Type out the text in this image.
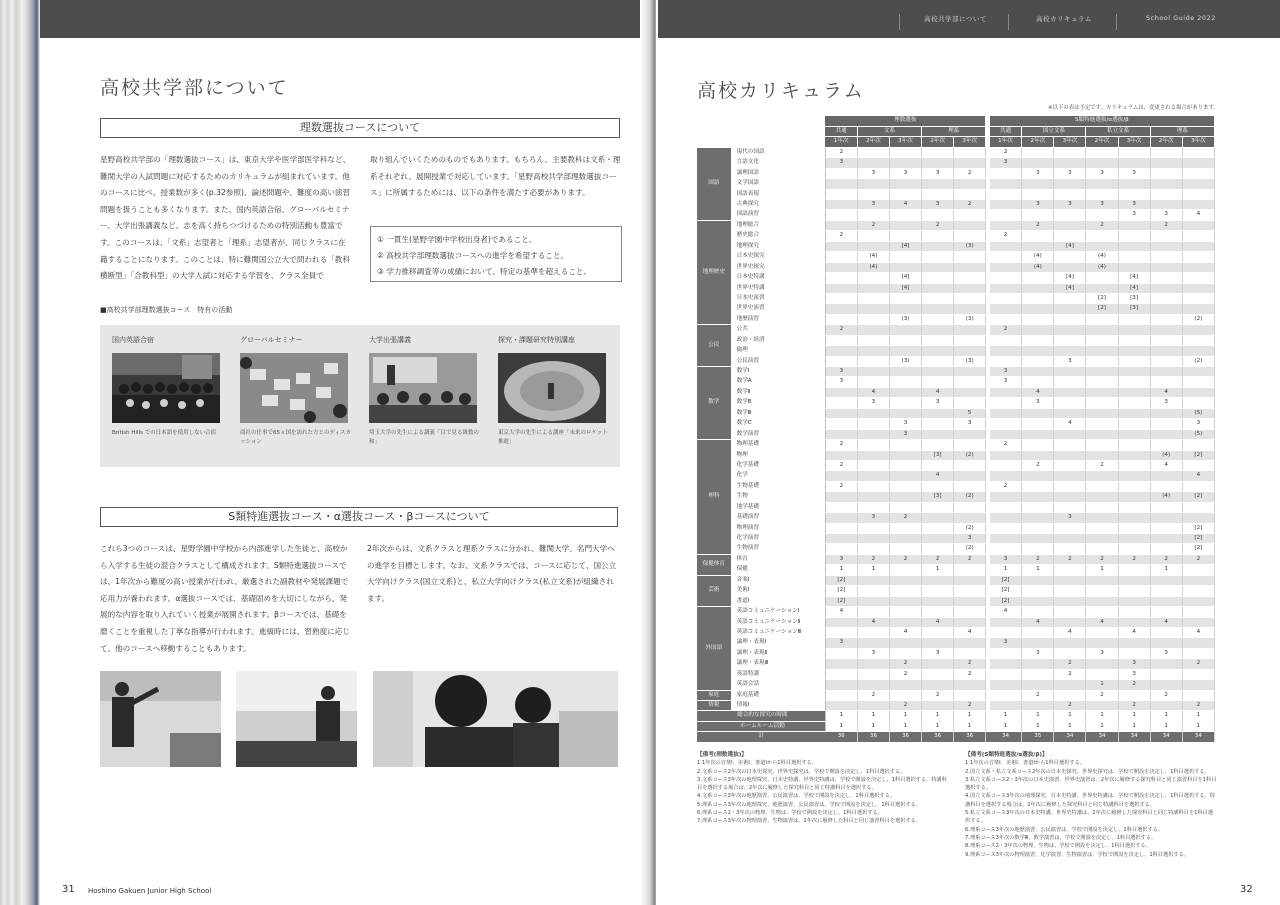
高校共学部について
理数選抜コースについて

星野高校共学部の「理数選抜コース」は、東京大学や医学部医学科など、難関大学の入試問題に対応するためのカリキュラムが組まれています。他のコースに比べ、授業数が多く(p.32参照)、論述問題や、難度の高い演習問題を扱うことも多くなります。また、国内英語合宿、グローバルセミナー、大学出張講義など、志を高く持ちつづけるための特別活動も豊富です。このコースは、「文系」志望者と「理系」志望者が、同じクラスに在籍することになります。このことは、特に難関国公立大で問われる「教科横断型」「合教科型」の大学入試に対応する学習を、クラス全員で

取り組んでいくためのものでもあります。もちろん、主要教科は文系・理系それぞれ、展開授業で対応しています。「星野高校共学部理数選抜コース」に所属するためには、以下の条件を満たす必要があります。

① 一貫生(星野学園中学校出身者)であること。
② 高校共学部理数選抜コースへの進学を希望すること。
③ 学力推移調査等の成績において、特定の基準を超えること。
■高校共学部理数選抜コース　特有の活動
国内英語合宿
British Hills での日本語を使用しない合宿
グローバルセミナー
商社の仕事で65ヵ国を訪れた方とのディスカッション
大学出張講義
埼玉大学の先生による講義「目で見る級数の和」
探究・課題研究特別講座
東京大学の先生による講座「未来のロケット推進」
S類特進選抜コース・α選抜コース・βコースについて

これら3つのコースは、星野学園中学校から内部進学した生徒と、高校から入学する生徒の混合クラスとして構成されます。S類特進選抜コースでは、1年次から難度の高い授業が行われ、厳選された副教材や発展課題で応用力が養われます。α選抜コースでは、基礎固めを大切にしながら、発展的な内容を取り入れていく授業が展開されます。βコースでは、基礎を磨くことを重視した丁寧な指導が行われます。進級時には、習熟度に応じて、他のコースへ移動することもあります。

2年次からは、文系クラスと理系クラスに分かれ、難関大学、名門大学への進学を目標とします。なお、文系クラスでは、コースに応じて、国公立大学向けクラス(国立文系)と、私立大学向けクラス(私立文系)が組織されます。

31 Hoshino Gakuen Junior High School
高校共学部について	高校カリキュラム	School Guide 2022
高校カリキュラム
※以下の表は予定です。カリキュラムは、変更される場合があります。
		理数選抜						S類特進選抜/α選抜/β						
		共通	文系		理系			共通	国立文系		私立文系		理系	
		1年次	2年次	3年次	2年次	3年次		1年次	2年次	3年次	2年次	3年次	2年次	3年次
国語	現代の国語	2						2						
	言語文化	3						3						
	論理国語		3	3	3	2			3	3	3	3		
	文学国語													
	国語表現													
	古典探究		3	4	3	2			3	3	3	3		
	国語演習											3	3	4
地理歴史	地理総合		2		2				2		2		2	
	歴史総合	2						2						
	地理探究			[4]		(3)				[4]				
	日本史探究		(4)						(4)		(4)			
	世界史探究		(4)						(4)		(4)			
	日本史特講			[4]						[4]		[4]		
	世界史特講			[4]						[4]		[4]		
	日本史演習										[2]	[3]		
	世界史演習										[2]	[3]		
	地歴演習			(3)		(3)								(2)
公民	公共	2						2						
	政治・経済													
	倫理													
	公民演習			(3)		(3)				3				(2)
数学	数学Ⅰ	3						3						
	数学A	3						3						
	数学Ⅱ		4		4				4				4	
	数学B		3		3				3				3	
	数学Ⅲ					5								(5)
	数学C			3		3				4				3
	数学演習			3										(5)
理科	物理基礎	2						2						
	物理				[3]	(2)							(4)	[2]
	化学基礎	2							2		2		4	
	化学				4									4
	生物基礎	2						2						
	生物				[3]	(2)							(4)	[2]
	地学基礎													
	基礎演習		3	2						3				
	物理演習					(2)								[2]
	化学演習					3								[2]
	生物演習					(2)								[2]
保健体育	体育	3	2	2	2	2		3	2	2	2	2	2	2
	保健	1	1		1			1	1		1		1	
芸術	音楽Ⅰ	[2]						[2]						
	美術Ⅰ	[2]						[2]						
	書道Ⅰ	[2]						[2]						
外国語	英語コミュニケーションⅠ	4						4						
	英語コミュニケーションⅡ		4		4				4		4		4	
	英語コミュニケーションⅢ			4		4				4		4		4
	論理・表現Ⅰ	3						3						
	論理・表現Ⅱ		3		3				3		3		3	
	論理・表現Ⅲ			2		2				2		3		2
	英語特講			2		2				2		3		
	英語会話										1	2		
家庭	家庭基礎		2		2				2		2		2	
情報	情報Ⅰ			2		2				2		2		2
総合的な探究の時間		1	1	1	1	1		1	1	1	1	1	1	1
ホームルーム活動		1	1	1	1	1		1	1	1	1	1	1	1
計		36	36	36	36	36		34	35	34	34	34	34	34
【備考(理数選抜)】
1.1年次の音楽Ⅰ、美術Ⅰ、書道Ⅰから1科目選択する。
2.文系コース2年次の日本史探究、世界史探究は、学校で開設を決定し、1科目選択する。
3.文系コース3年次の地理探究、日本史特講、世界史特講は、学校で開設を決定し、1科目選択する。特講科目を選択する場合は、2年次に履修した探究科目と同じ特講科目を選択する。
4.文系コース3年次の地歴演習、公民演習は、学校で開設を決定し、1科目選択する。
5.理系コース3年次の地理探究、地歴演習、公民演習は、学校で開設を決定し、1科目選択する。
6.理系コース2・3年次の物理、生物は、学校で開設を決定し、1科目選択する。
7.理系コース3年次の物理演習、生物演習は、2年次に履修した科目と同じ演習科目を選択する。
【備考(S類特進選抜/α選抜/β)】
1.1年次の音楽Ⅰ、美術Ⅰ、書道Ⅰから1科目選択する。
2.国立文系・私立文系コース2年次の日本史探究、世界史探究は、学校で開設を決定し、1科目選択する。
3.私立文系コース2・3年次の日本史演習、世界史演習は、2年次に履修する探究科目と同じ演習科目を1科目選択する。
4.国立文系コース3年次の地理探究、日本史特講、世界史特講は、学校で開設を決定し、1科目選択する。特講科目を選択する場合は、2年次に履修した探究科目と同じ特講科目を選択する。
5.私立文系コース3年次の日本史特講、世界史特講は、2年次に履修した探究科目と同じ特講科目を1科目選択する。
6.理系コース3年次の地歴演習、公民演習は、学校で開設を決定し、1科目選択する。
7.理系コース3年次の数学Ⅲ、数学演習は、学校で開設を決定し、1科目選択する。
8.理系コース2・3年次の物理、生物は、学校で開設を決定し、1科目選択する。
9.理系コース3年次の物理演習、化学演習、生物演習は、学校で開設を決定し、1科目選択する。
32
